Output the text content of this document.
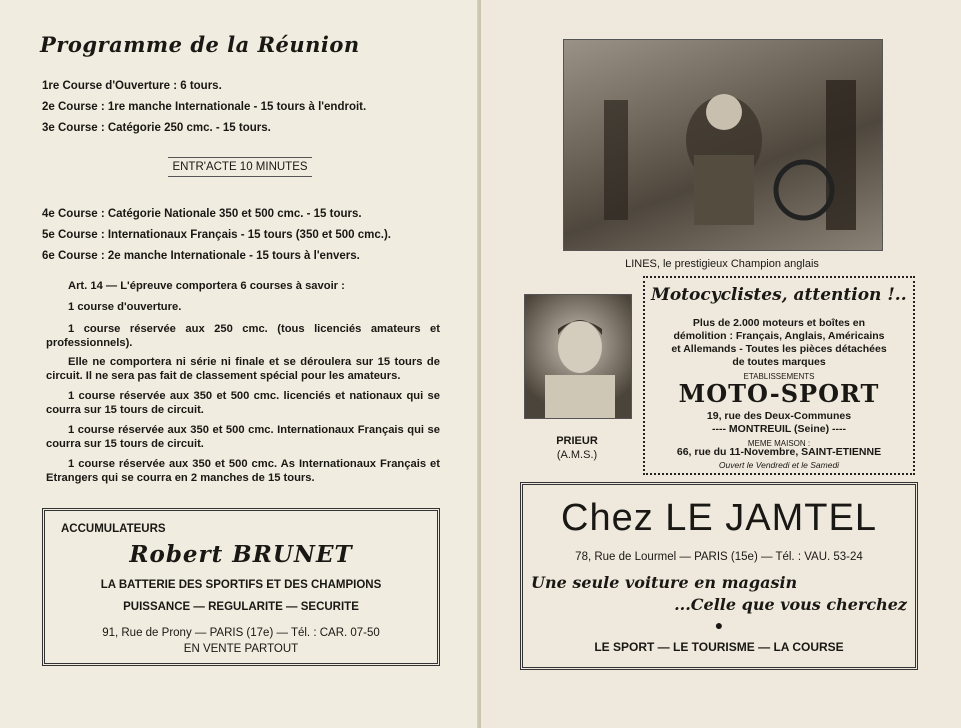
Programme de la Réunion
1re Course d'Ouverture : 6 tours.
2e Course : 1re manche Internationale - 15 tours à l'endroit.
3e Course : Catégorie 250 cmc. - 15 tours.
ENTR'ACTE 10 MINUTES
4e Course : Catégorie Nationale 350 et 500 cmc. - 15 tours.
5e Course : Internationaux Français - 15 tours (350 et 500 cmc.).
6e Course : 2e manche Internationale - 15 tours à l'envers.
Art. 14 — L'épreuve comportera 6 courses à savoir :
1 course d'ouverture.
1 course réservée aux 250 cmc. (tous licenciés amateurs et professionnels).
Elle ne comportera ni série ni finale et se déroulera sur 15 tours de circuit. Il ne sera pas fait de classement spécial pour les amateurs.
1 course réservée aux 350 et 500 cmc. licenciés et nationaux qui se courra sur 15 tours de circuit.
1 course réservée aux 350 et 500 cmc. Internationaux Français qui se courra sur 15 tours de circuit.
1 course réservée aux 350 et 500 cmc. As Internationaux Français et Etrangers qui se courra en 2 manches de 15 tours.
ACCUMULATEURS
Robert BRUNET
LA BATTERIE DES SPORTIFS ET DES CHAMPIONS
PUISSANCE — REGULARITE — SECURITE
91, Rue de Prony — PARIS (17e) — Tél. : CAR. 07-50
EN VENTE PARTOUT
LINES, le prestigieux Champion anglais
PRIEUR
(A.M.S.)
Motocyclistes, attention !..
Plus de 2.000 moteurs et boîtes en
démolition : Français, Anglais, Américains
et Allemands - Toutes les pièces détachées
de toutes marques
ETABLISSEMENTS
MOTO-SPORT
19, rue des Deux-Communes
---- MONTREUIL (Seine) ----
MEME MAISON :
66, rue du 11-Novembre, SAINT-ETIENNE
Ouvert le Vendredi et le Samedi
Chez LE JAMTEL
78, Rue de Lourmel — PARIS (15e) — Tél. : VAU. 53-24
Une seule voiture en magasin
...Celle que vous cherchez
●
LE SPORT — LE TOURISME — LA COURSE
